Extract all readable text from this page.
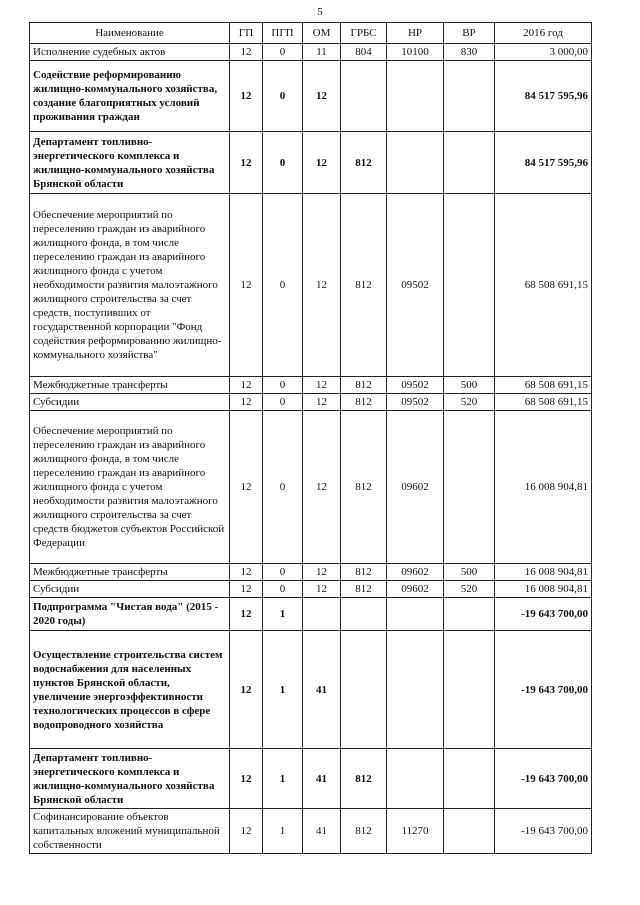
5
Наименование	ГП	ПГП	ОМ	ГРБС	НР	ВР	2016 год
Исполнение судебных актов	12	0	11	804	10100	830	3 000,00
Содействие реформированию жилищно-коммунального хозяйства, создание благоприятных условий проживания граждан	12	0	12				84 517 595,96
Департамент топливно-энергетического комплекса и жилищно-коммунального хозяйства Брянской области	12	0	12	812			84 517 595,96
Обеспечение мероприятий по переселению граждан из аварийного жилищного фонда, в том числе переселению граждан из аварийного жилищного фонда с учетом необходимости развития малоэтажного жилищного строительства за счет средств, поступивших от государственной корпорации "Фонд содействия реформированию жилищно-коммунального хозяйства"	12	0	12	812	09502		68 508 691,15
Межбюджетные трансферты	12	0	12	812	09502	500	68 508 691,15
Субсидии	12	0	12	812	09502	520	68 508 691,15
Обеспечение мероприятий по переселению граждан из аварийного жилищного фонда, в том числе переселению граждан из аварийного жилищного фонда с учетом необходимости развития малоэтажного жилищного строительства за счет средств бюджетов субъектов Российской Федерации	12	0	12	812	09602		16 008 904,81
Межбюджетные трансферты	12	0	12	812	09602	500	16 008 904,81
Субсидии	12	0	12	812	09602	520	16 008 904,81
Подпрограмма "Чистая вода" (2015 - 2020 годы)	12	1					-19 643 700,00
Осуществление строительства систем водоснабжения для населенных пунктов Брянской области, увеличение энергоэффективности технологических процессов в сфере водопроводного хозяйства	12	1	41				-19 643 700,00
Департамент топливно-энергетического комплекса и жилищно-коммунального хозяйства Брянской области	12	1	41	812			-19 643 700,00
Софинансирование объектов капитальных вложений муниципальной собственности	12	1	41	812	11270		-19 643 700,00
